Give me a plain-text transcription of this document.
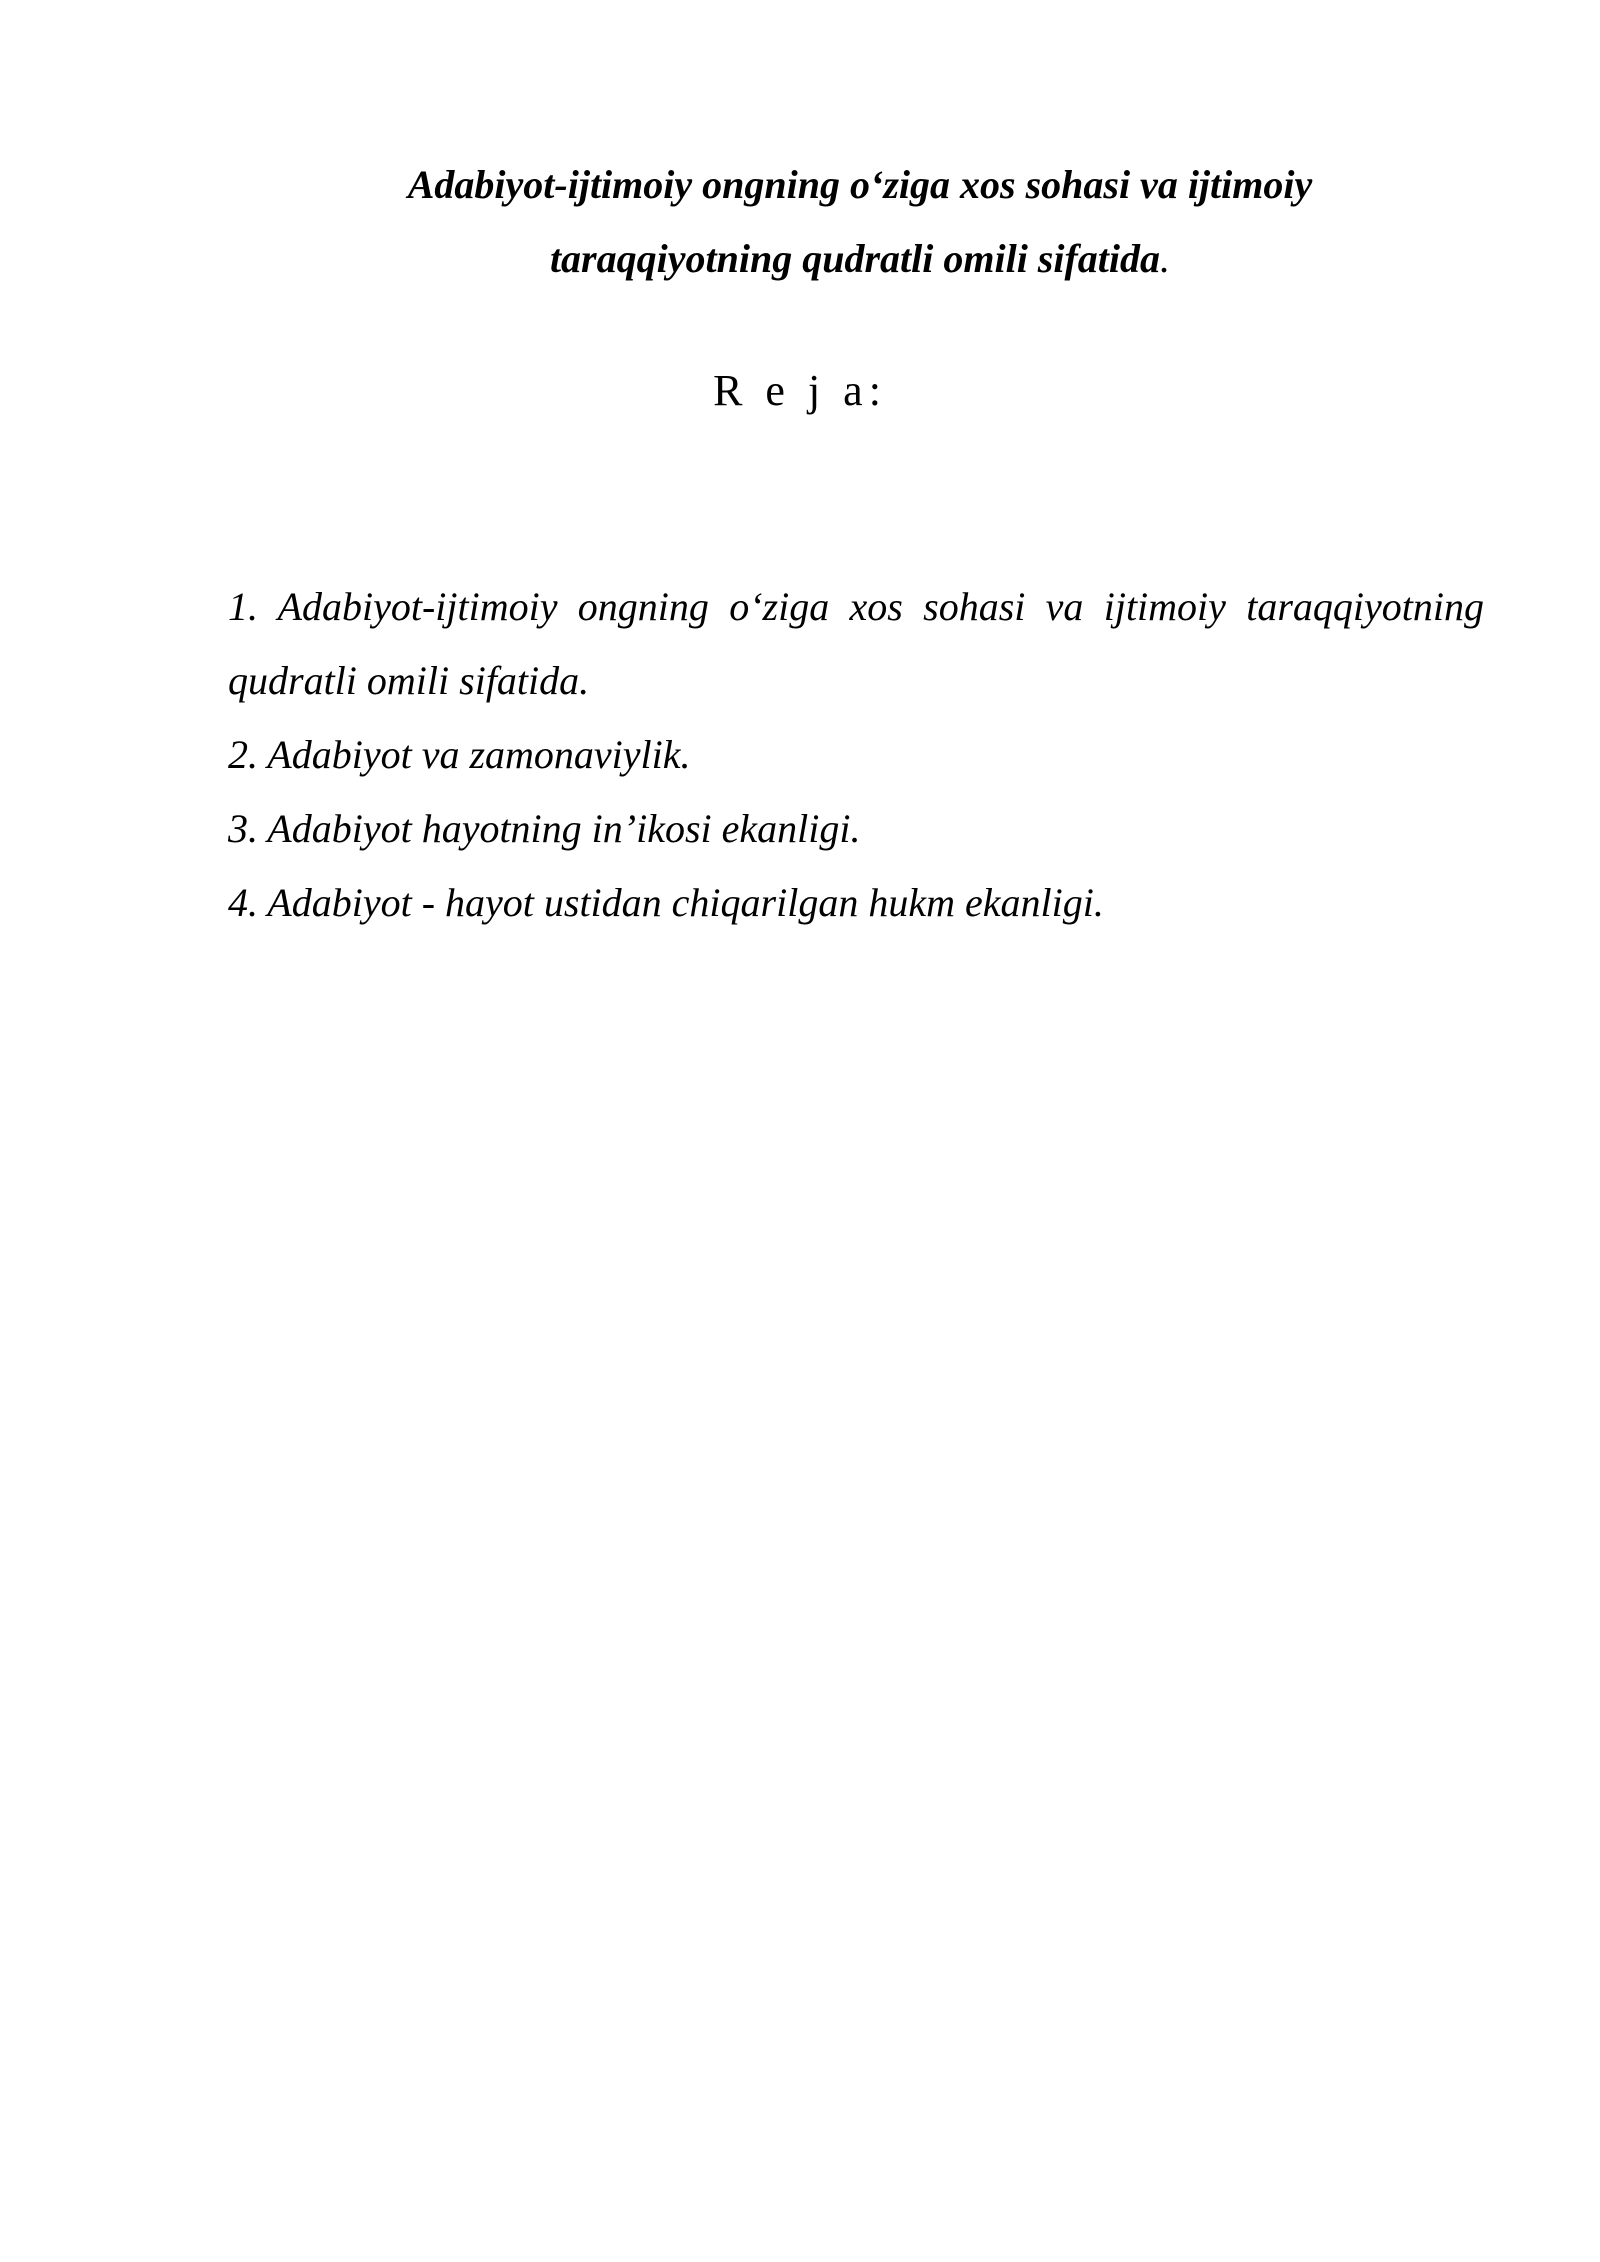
Adabiyot-ijtimoiy ongning o‘ziga xos sohasi va ijtimoiy
taraqqiyotning qudratli omili sifatida.
R e j a:
1. Adabiyot-ijtimoiy ongning o‘ziga xos sohasi va ijtimoiy taraqqiyotning qudratli omili sifatida.
2. Adabiyot va zamonaviylik.
3. Adabiyot hayotning in’ikosi ekanligi.
4. Adabiyot - hayot ustidan chiqarilgan hukm ekanligi.
